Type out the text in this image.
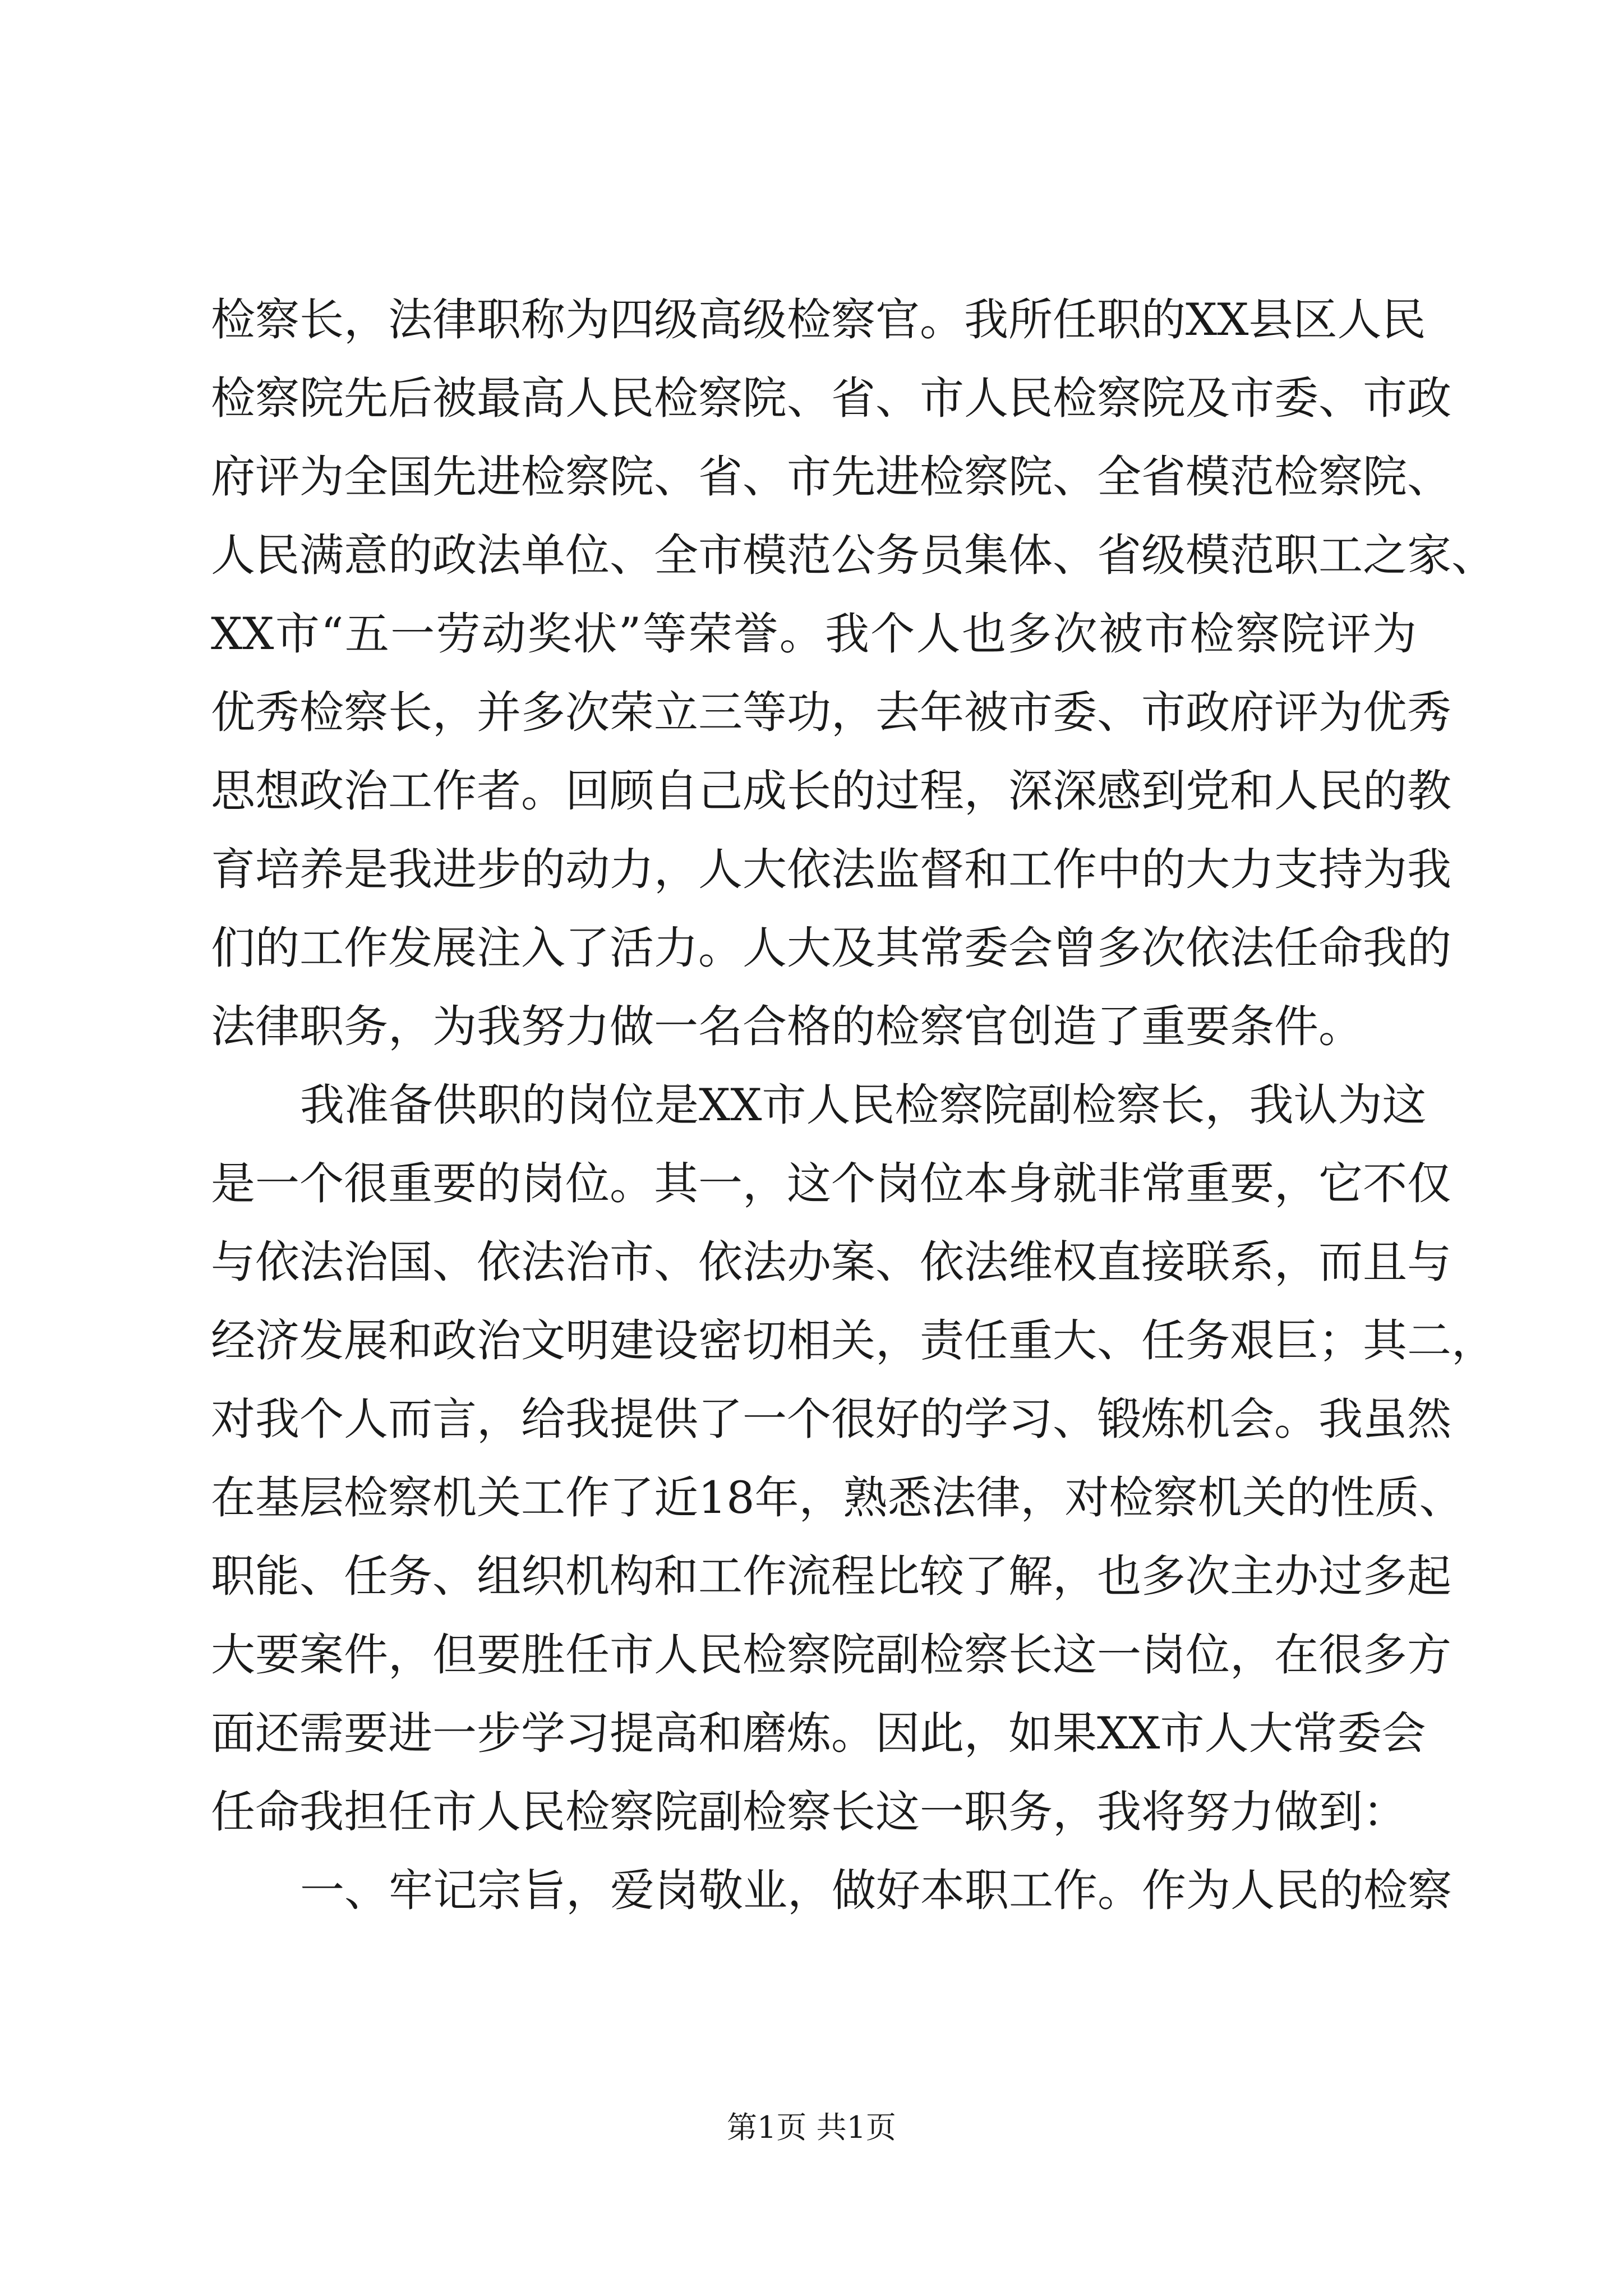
检察长，法律职称为四级高级检察官。我所任职的XX县区人民
检察院先后被最高人民检察院、省、市人民检察院及市委、市政
府评为全国先进检察院、省、市先进检察院、全省模范检察院、
人民满意的政法单位、全市模范公务员集体、省级模范职工之家、
XX市“五一劳动奖状”等荣誉。我个人也多次被市检察院评为
优秀检察长，并多次荣立三等功，去年被市委、市政府评为优秀
思想政治工作者。回顾自己成长的过程，深深感到党和人民的教
育培养是我进步的动力，人大依法监督和工作中的大力支持为我
们的工作发展注入了活力。人大及其常委会曾多次依法任命我的
法律职务，为我努力做一名合格的检察官创造了重要条件。
我准备供职的岗位是XX市人民检察院副检察长，我认为这
是一个很重要的岗位。其一，这个岗位本身就非常重要，它不仅
与依法治国、依法治市、依法办案、依法维权直接联系，而且与
经济发展和政治文明建设密切相关，责任重大、任务艰巨；其二，
对我个人而言，给我提供了一个很好的学习、锻炼机会。我虽然
在基层检察机关工作了近18年，熟悉法律，对检察机关的性质、
职能、任务、组织机构和工作流程比较了解，也多次主办过多起
大要案件，但要胜任市人民检察院副检察长这一岗位，在很多方
面还需要进一步学习提高和磨炼。因此，如果XX市人大常委会
任命我担任市人民检察院副检察长这一职务，我将努力做到：
一、牢记宗旨，爱岗敬业，做好本职工作。作为人民的检察
第1页 共1页
